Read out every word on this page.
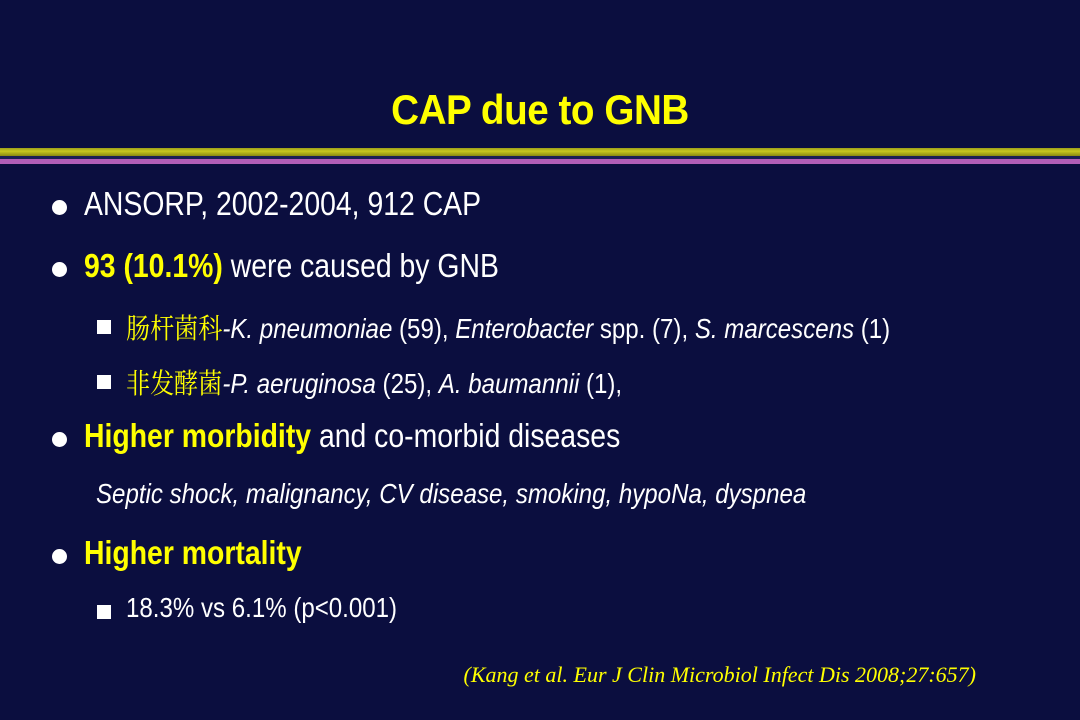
CAP due to GNB
ANSORP, 2002-2004, 912 CAP
93 (10.1%) were caused by GNB
肠杆菌科-K. pneumoniae (59), Enterobacter spp. (7), S. marcescens (1)
非发酵菌-P. aeruginosa (25), A. baumannii (1),
Higher morbidity and co-morbid diseases
Septic shock, malignancy, CV disease, smoking, hypoNa, dyspnea
Higher mortality
18.3% vs 6.1% (p<0.001)
(Kang et al. Eur J Clin Microbiol Infect Dis 2008;27:657)
